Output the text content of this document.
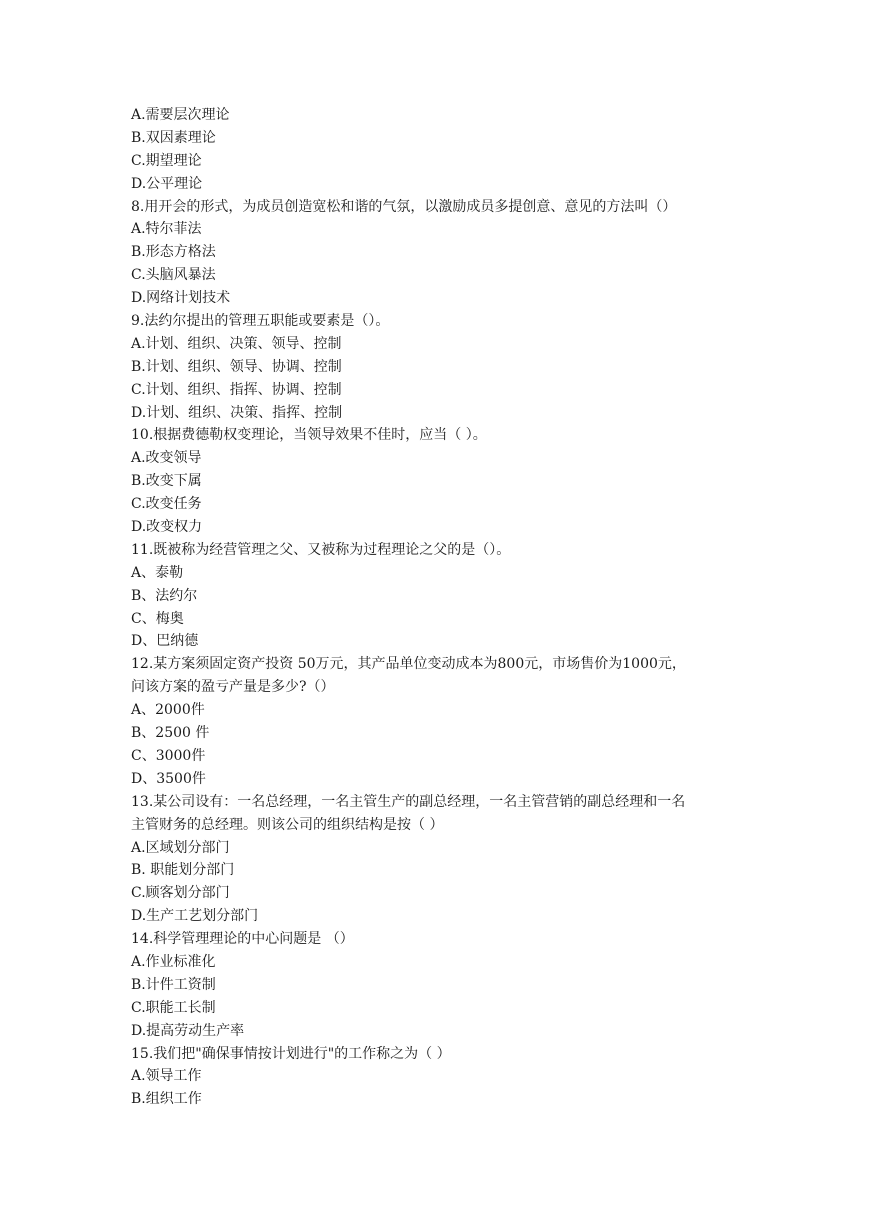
A.需要层次理论
B.双因素理论
C.期望理论
D.公平理论
8.用开会的形式，为成员创造宽松和谐的气氛，以激励成员多提创意、意见的方法叫（）
A.特尔菲法
B.形态方格法
C.头脑风暴法
D.网络计划技术
9.法约尔提出的管理五职能或要素是（）。
A.计划、组织、决策、领导、控制
B.计划、组织、领导、协调、控制
C.计划、组织、指挥、协调、控制
D.计划、组织、决策、指挥、控制
10.根据费德勒权变理论，当领导效果不佳时，应当（ ）。
A.改变领导
B.改变下属
C.改变任务
D.改变权力
11.既被称为经营管理之父、又被称为过程理论之父的是（）。
A、泰勒
B、法约尔
C、梅奥
D、巴纳德
12.某方案须固定资产投资 50万元，其产品单位变动成本为800元，市场售价为1000元，
问该方案的盈亏产量是多少?（）
A、2000件
B、2500 件
C、3000件
D、3500件
13.某公司设有：一名总经理，一名主管生产的副总经理，一名主管营销的副总经理和一名
主管财务的总经理。则该公司的组织结构是按（ ）
A.区域划分部门
B. 职能划分部门
C.顾客划分部门
D.生产工艺划分部门
14.科学管理理论的中心问题是 （）
A.作业标准化
B.计件工资制
C.职能工长制
D.提高劳动生产率
15.我们把"确保事情按计划进行"的工作称之为（ ）
A.领导工作
B.组织工作
